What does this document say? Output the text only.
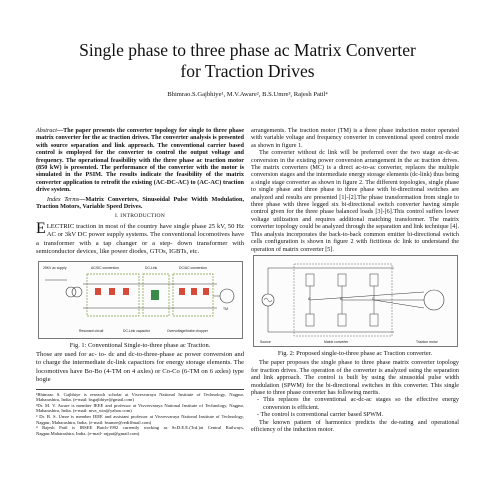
Single phase to three phase ac Matrix Converter
for Traction Drives
Bhimrao.S.Gajbhiye¹, M.V.Aware², B.S.Umre³, Rajesh Patil⁴

Abstract—The paper presents the converter topology for single to three phase matrix converter for the ac traction drives. The converter analysis is presented with source separation and link approach. The conventional carrier based control is employed for the converter to control the output voltage and frequency. The operational feasibility with the three phase ac traction motor (850 kW) is presented. The performance of the converter with the motor is simulated in the PSIM. The results indicate the feasibility of the matrix converter application to retrofit the existing (AC-DC-AC) to (AC-AC) traction drive system.

Index Terms—Matrix Converters, Sinusoidal Pulse Width Modulation, Traction Motors, Variable Speed Drives.

I. INTRODUCTION

ELECTRIC traction in most of the country have single phase 25 kV, 50 Hz AC or 3kV DC power supply systems. The conventional locomotives have a transformer with a tap changer or a step- down transformer with semiconductor devices, like power diodes, GTOs, IGBTs, etc.

25KV ac supply	AC/DC conversion	DC-Link	DC/AC conversion
Resonant circuit	DC-Link capacitor	Overvoltage/brake chopper
TM
Fig. 1: Conventional Single-to-three phase ac Traction.

Those are used for ac- to- dc and dc-to-three-phase ac power conversion and to charge the intermediate dc-link capacitors for energy storage elements. The locomotives have Bo-Bo (4-TM on 4 axles) or Co-Co (6-TM on 6 axles) type bogie

¹Bhimrao S. Gajbhiye is research scholar at Visvesvaraya National Institute of Technology, Nagpur, Maharashtra, India. (e-mail: bsgajbhiye@gmail.com)

²Dr. M. V. Aware is member IEEE and professor at Visvesvaraya National Institute of Technology, Nagpur, Maharashtra, India. (e-mail: mva_win@yahoo.com)

³ Dr. B. S. Umre is member IEEE and assistant professor at Visvesvaraya National Institute of Technology, Nagpur, Maharashtra, India. (e-mail: bsumre@rediffmail.com)

⁴ Rajesh Patil is IRSEE Batch-1992 currently working as Sr.D.E.E.(Trd.)at Central Railways, Nagpur.Maharashtra, India. (e-mail- rajpat@gmail.com)

arrangements. The traction motor (TM) is a three phase induction motor operated with variable voltage and frequency converter in conventional speed control mode as shown in figure 1.

The converter without dc link will be preferred over the two stage ac-dc-ac conversion in the existing power conversion arrangement in the ac traction drives. The matrix converters (MC) is a direct ac-to-ac converter, replaces the multiple conversion stages and the intermediate energy storage elements (dc-link) thus being a single stage converter as shown in figure 2. The different topologies, single phase to single phase and three phase to three phase with bi-directional switches are analyzed and results are presented [1]-[2].The phase transformation from single to three phase with three legged six bi-directional switch converter having simple control given for the three phase balanced loads [3]-[6].This control suffers lower voltage utilization and requires additional matching transformer. The matrix converter topology could be analyzed through the separation and link technique [4]. This analysis incorporates the back-to-back common emitter bi-directional switch cells configuration is shown in figure 2 with fictitious dc link to understand the operation of matrix converter [5].

A	B	C
Source	Matrix converter	Traction motor
Fig. 2: Proposed single-to-three phase ac Traction converter.

The paper proposes the single phase to three phase matrix converter topology for traction drives. The operation of the converter is analyzed using the separation and link approach. The control is built by using the sinusoidal pulse width modulation (SPWM) for the bi-directional switches in this converter. This single phase to three phase converter has following merits.

- This replaces the conventional ac-dc-ac stages so the effective energy conversion is efficient.

- The control is conventional carrier based SPWM.

The known pattern of harmonics predicts the de-rating and operational efficiency of the induction motor.
